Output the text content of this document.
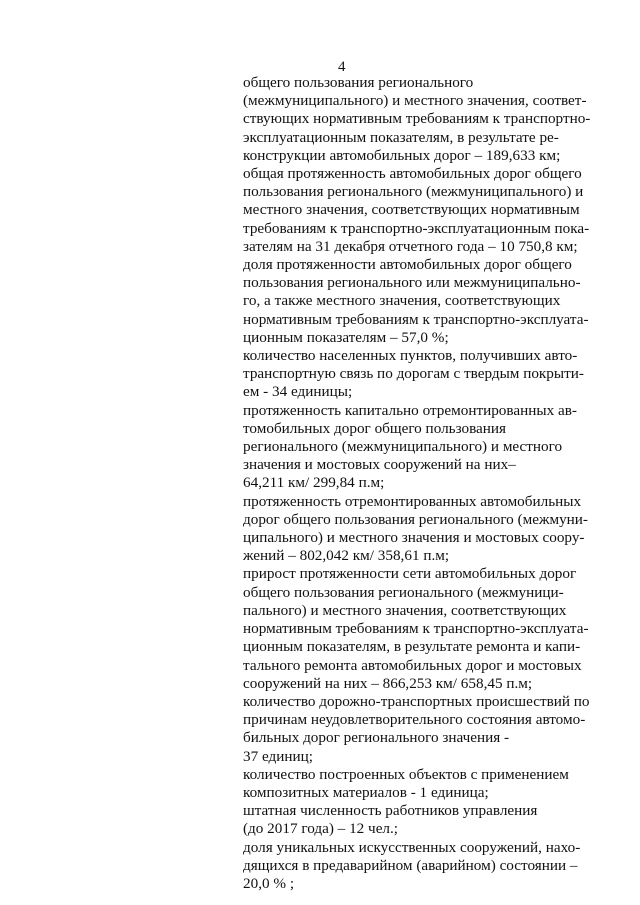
4
общего пользования регионального
(межмуниципального) и местного значения, соответ-
ствующих нормативным требованиям к транспортно-
эксплуатационным показателям, в результате ре-
конструкции автомобильных дорог – 189,633 км;
общая протяженность автомобильных дорог общего
пользования регионального (межмуниципального) и
местного значения, соответствующих нормативным
требованиям к транспортно-эксплуатационным пока-
зателям на 31 декабря отчетного года – 10 750,8 км;
доля протяженности автомобильных дорог общего
пользования регионального или межмуниципально-
го, а также местного значения, соответствующих
нормативным требованиям к транспортно-эксплуата-
ционным показателям – 57,0 %;
количество населенных пунктов, получивших авто-
транспортную связь по дорогам с твердым покрыти-
ем - 34 единицы;
протяженность капитально отремонтированных ав-
томобильных дорог общего пользования
регионального (межмуниципального) и местного
значения и мостовых сооружений на них–
64,211 км/ 299,84 п.м;
протяженность отремонтированных автомобильных
дорог общего пользования регионального (межмуни-
ципального) и местного значения и мостовых соору-
жений – 802,042 км/ 358,61 п.м;
прирост протяженности сети автомобильных дорог
общего пользования регионального (межмуници-
пального) и местного значения, соответствующих
нормативным требованиям к транспортно-эксплуата-
ционным показателям, в результате ремонта и капи-
тального ремонта автомобильных дорог и мостовых
сооружений на них – 866,253 км/ 658,45 п.м;
количество дорожно-транспортных происшествий по
причинам неудовлетворительного состояния автомо-
бильных дорог регионального значения -
37 единиц;
количество построенных объектов с применением
композитных материалов - 1 единица;
штатная численность работников управления
(до 2017 года) – 12 чел.;
доля уникальных искусственных сооружений, нахо-
дящихся в предаварийном (аварийном) состоянии –
20,0 % ;
